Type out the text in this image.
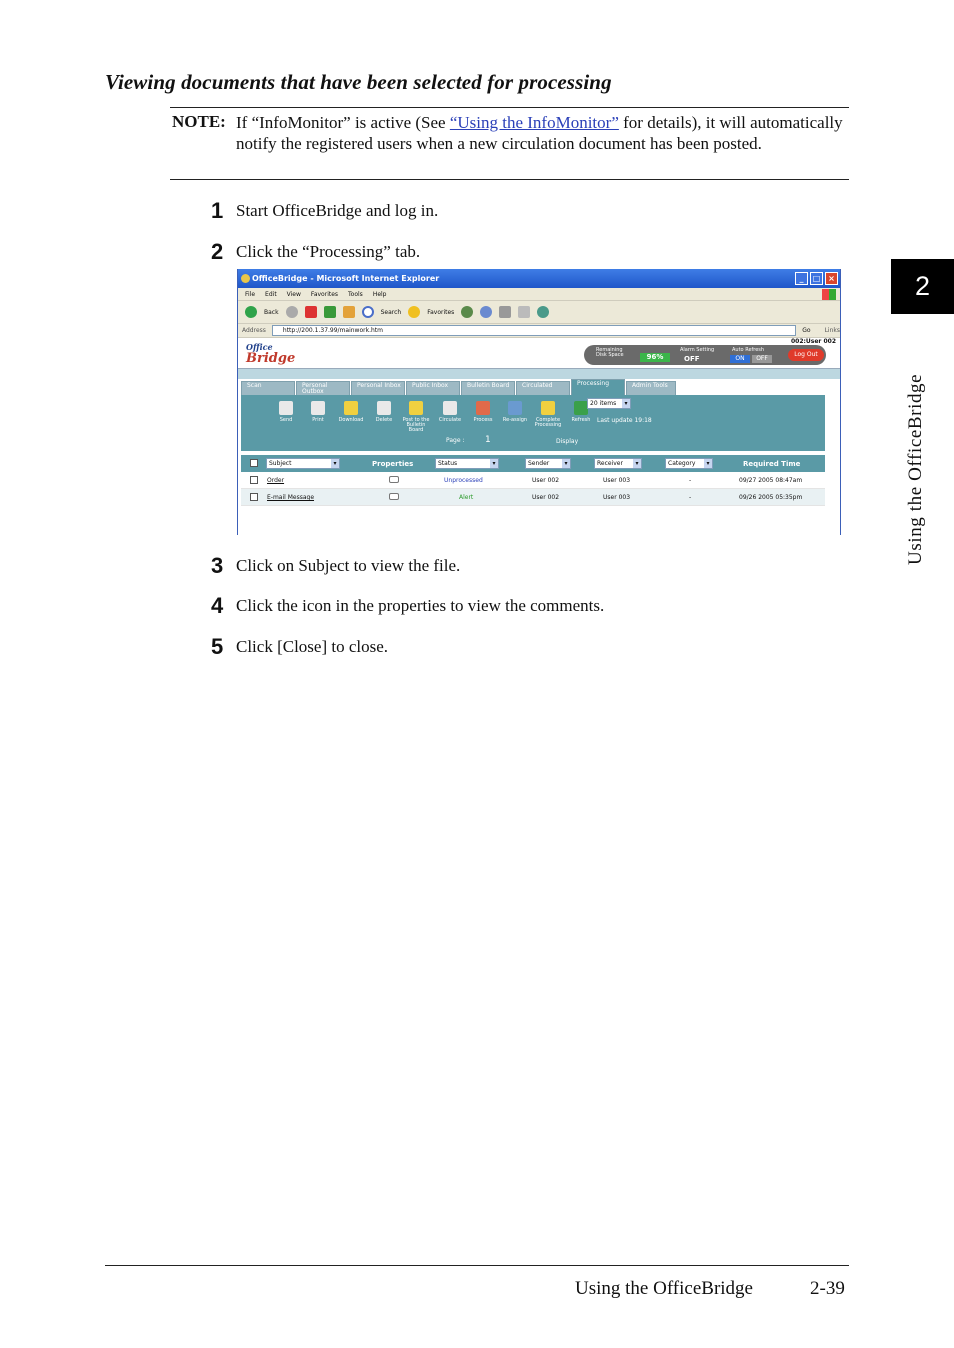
Viewing documents that have been selected for processing
NOTE: If “InfoMonitor” is active (See “Using the InfoMonitor” for details), it will automatically notify the registered users when a new circulation document has been posted.
1 Start OfficeBridge and log in.
2 Click the “Processing” tab.
OfficeBridge - Microsoft Internet Explorer	_	□ ×
File Edit View Favorites Tools Help
Back	Search	Favorites
Address	http://200.1.37.99/mainwork.htm	Go Links
Office
Bridge
002:User 002
Remaining Disk Space	96%
Alarm Setting
OFF
Auto Refresh
ON	OFF
Log Out
Scan	Personal Outbox
Personal Inbox	Public Inbox	Bulletin Board	Circulated	Processing	Admin Tools
Send	Print	Download	Delete	Post to the Bulletin Board
Circulate	Process	Re-assign	Complete Processing
Refresh	Last update 19:18
Page : 1	Display
20 items ▾
Subject ▾	Properties	Status ▾	Sender ▾	Receiver ▾	Category ▾	Required Time
Order	Unprocessed	User 002	User 003	-	09/27 2005 08:47am
E-mail Message	Alert	User 002	User 003	-	09/26 2005 05:35pm
3 Click on Subject to view the file.
4 Click the icon in the properties to view the comments.
5 Click [Close] to close.
2
Using the OfficeBridge
Using the OfficeBridge	2-39
